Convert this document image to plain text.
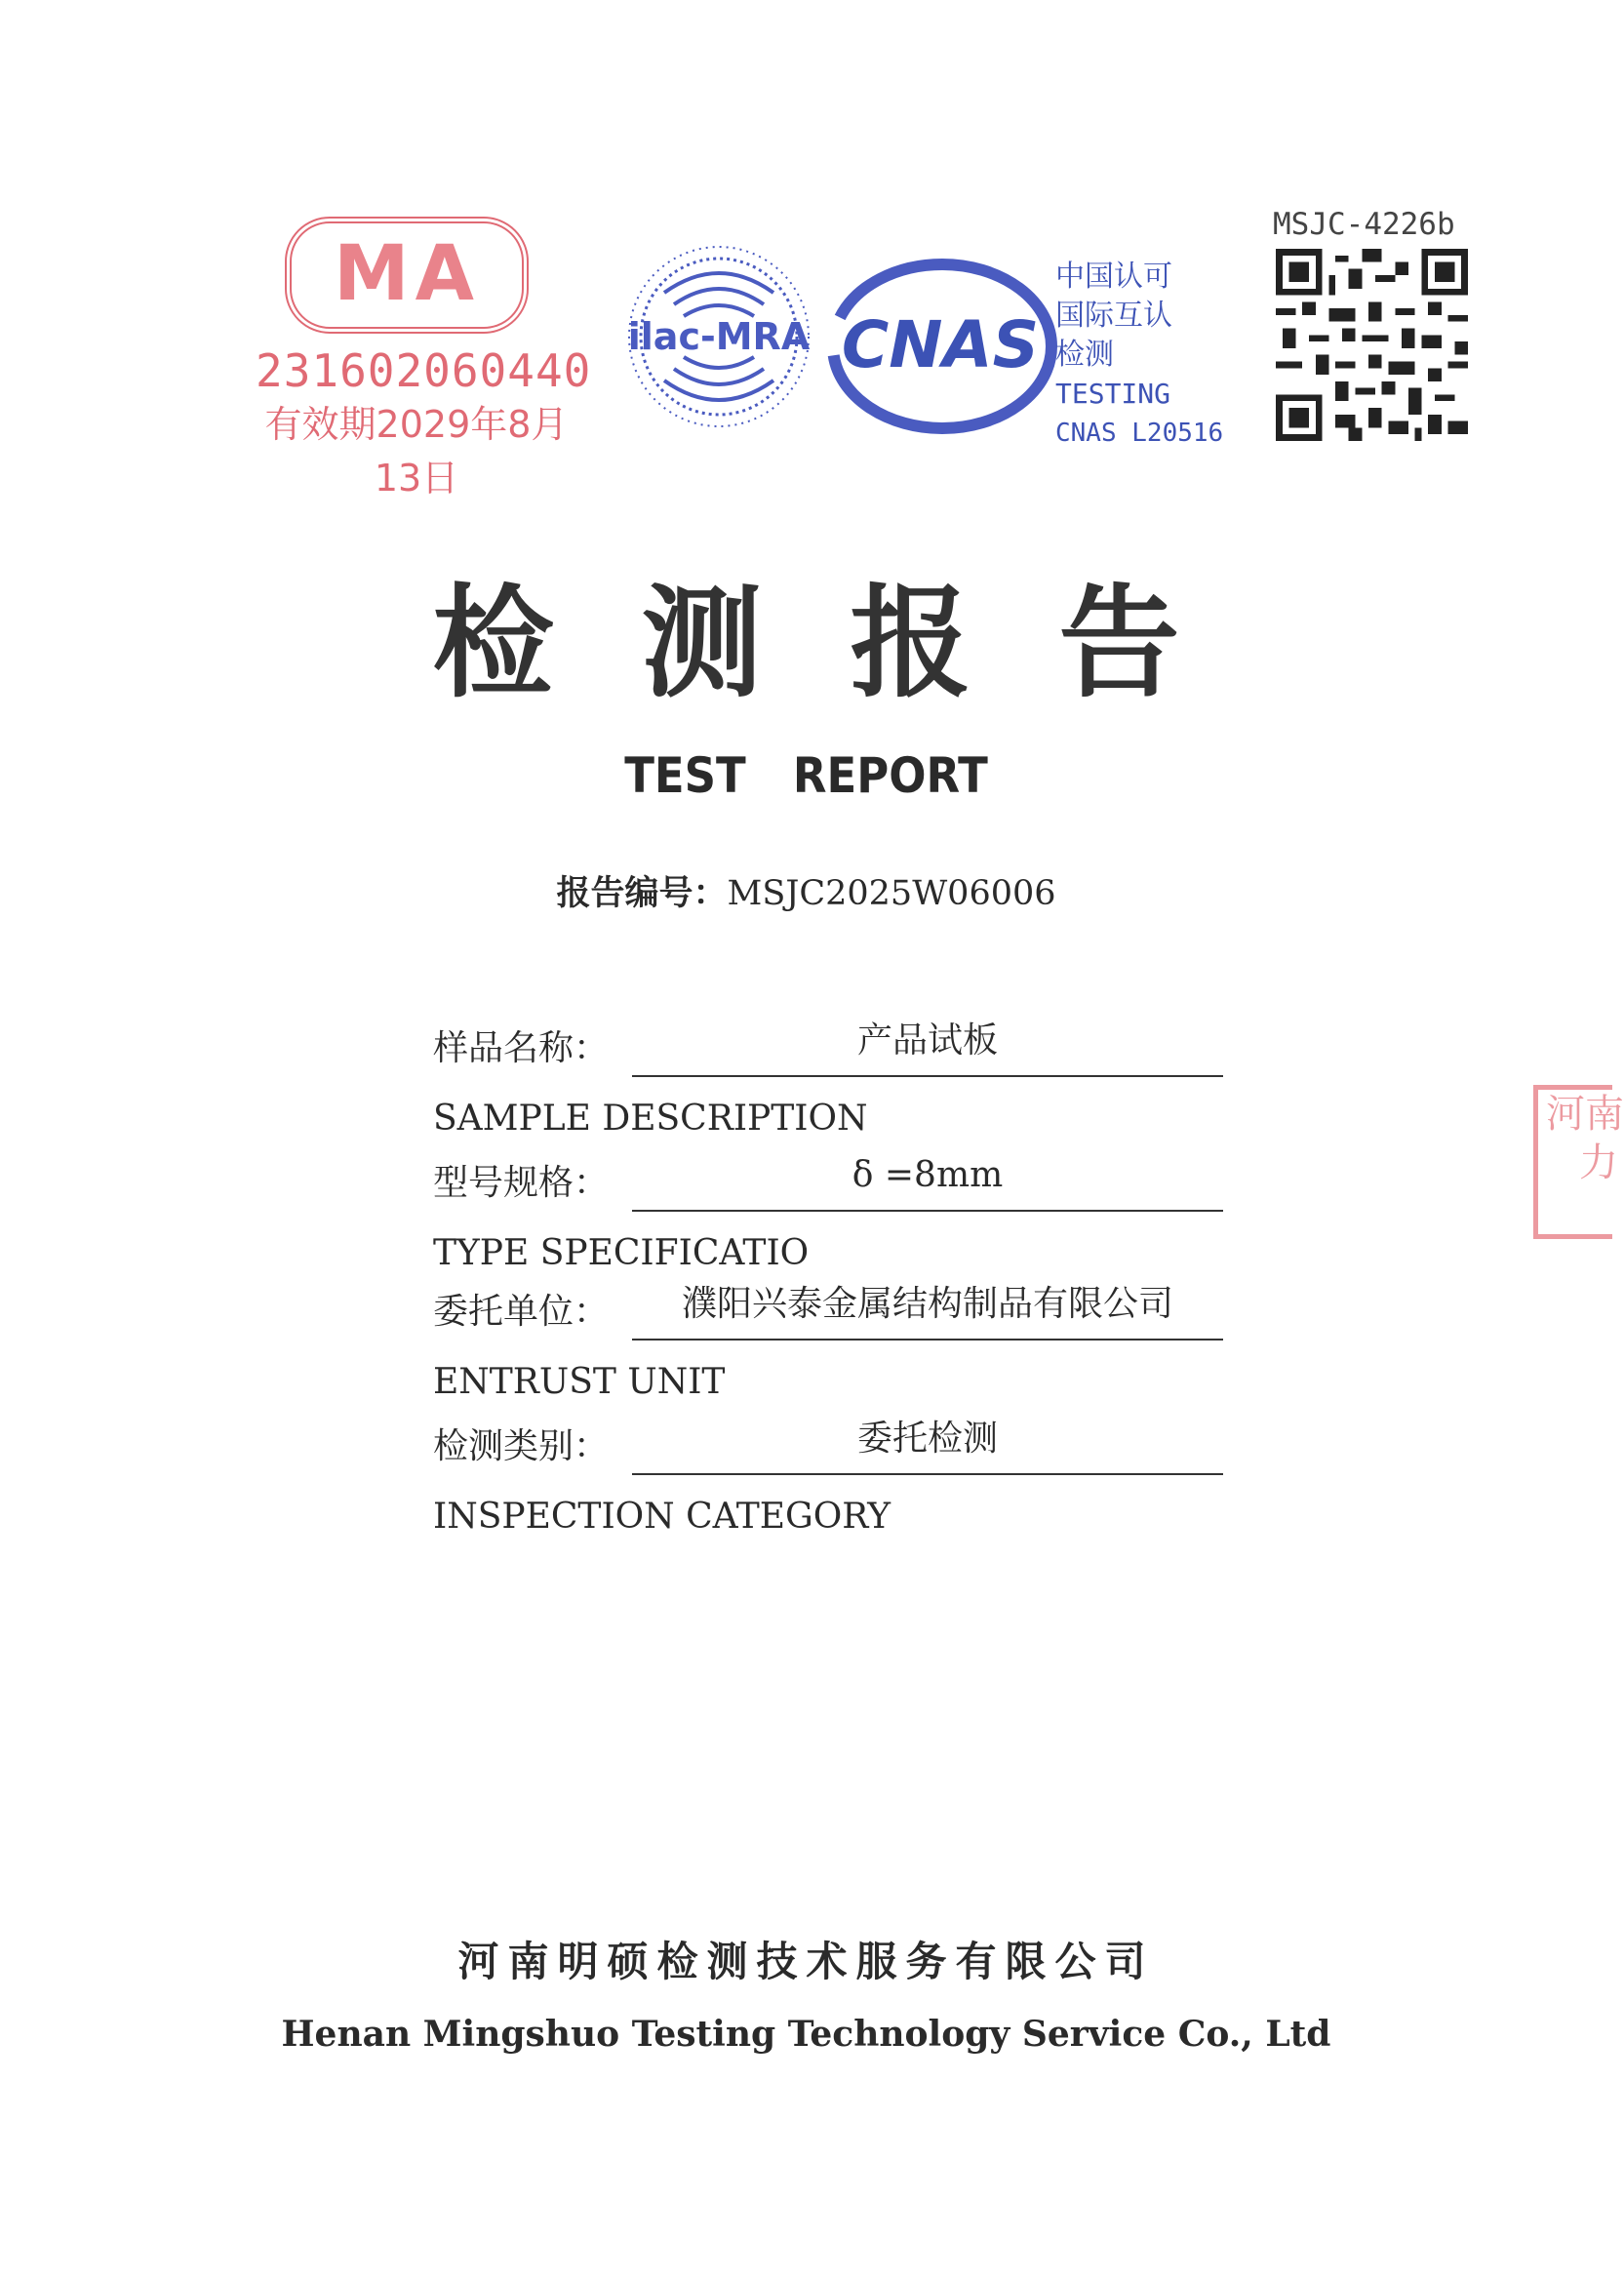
MA
231602060440
有效期2029年8月13日
ilac-MRA CNAS
中国认可
国际互认
检测
TESTING
CNAS L20516
MSJC-4226b
河南
力
检测报告
TEST REPORT
报告编号：MSJC2025W06006
样品名称：	产品试板
SAMPLE DESCRIPTION
型号规格：	δ =8mm
TYPE SPECIFICATIO
委托单位：	濮阳兴泰金属结构制品有限公司
ENTRUST UNIT
检测类别：	委托检测
INSPECTION CATEGORY
河南明硕检测技术服务有限公司
Henan Mingshuo Testing Technology Service Co., Ltd
